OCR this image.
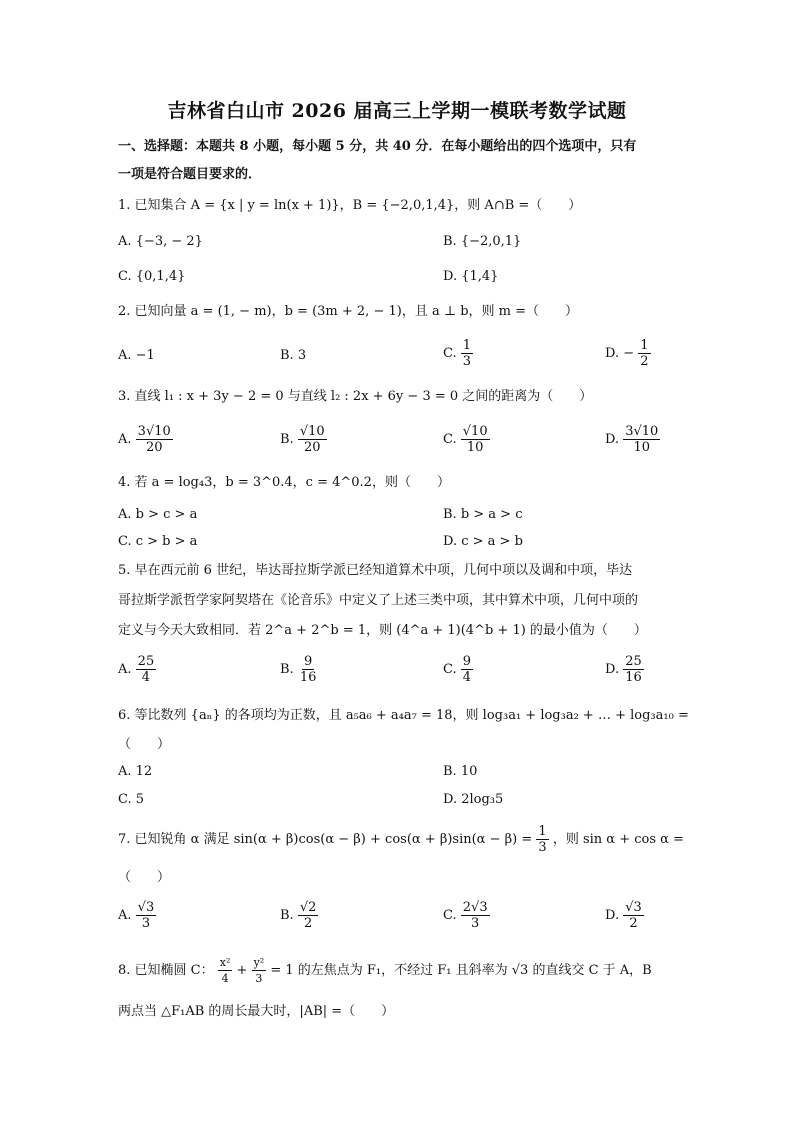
吉林省白山市 2026 届高三上学期一模联考数学试题
一、选择题：本题共 8 小题，每小题 5 分，共 40 分．在每小题给出的四个选项中，只有
一项是符合题目要求的．
1. 已知集合 A = {x | y = ln(x + 1)}，B = {−2,0,1,4}，则 A∩B =（　　）
A. {−3, − 2}	B. {−2,0,1}
C. {0,1,4}	D. {1,4}
2. 已知向量 a = (1, − m)，b = (3m + 2, − 1)，且 a ⊥ b，则 m =（　　）
A. −1	B. 3	C. $\frac{1}{3}$	D. − $\frac{1}{2}$
3. 直线 l₁ : x + 3y − 2 = 0 与直线 l₂ : 2x + 6y − 3 = 0 之间的距离为（　　）
A. $\frac{3√10}{20}$	B. $\frac{√10}{20}$	C. $\frac{√10}{10}$	D. $\frac{3√10}{10}$
4. 若 a = log₄3，b = 3^0.4，c = 4^0.2，则（　　）
A. b > c > a	B. b > a > c
C. c > b > a	D. c > a > b
5. 早在西元前 6 世纪，毕达哥拉斯学派已经知道算术中项，几何中项以及调和中项，毕达
哥拉斯学派哲学家阿契塔在《论音乐》中定义了上述三类中项，其中算术中项，几何中项的
定义与今天大致相同．若 2^a + 2^b = 1，则 (4^a + 1)(4^b + 1) 的最小值为（　　）
A. $\frac{25}{4}$	B. $\frac{9}{16}$	C. $\frac{9}{4}$	D. $\frac{25}{16}$
6. 等比数列 {aₙ} 的各项均为正数，且 a₅a₆ + a₄a₇ = 18，则 log₃a₁ + log₃a₂ + … + log₃a₁₀ =
（　　）
A. 12	B. 10
C. 5	D. 2log₃5
7. 已知锐角 α 满足 $\sin(\alpha + \beta)\cos(\alpha - \beta) + \cos(\alpha + \beta)\sin(\alpha - \beta) = \frac{1}{3}$ ，则 sin α + cos α =
（　　）
A. $\frac{√3}{3}$	B. $\frac{√2}{2}$	C. $\frac{2√3}{3}$	D. $\frac{√3}{2}$
8. 已知椭圆 C： $\frac{\text{x²}}{4} + \frac{\text{y²}}{3} = 1$ 的左焦点为 F₁，不经过 F₁ 且斜率为 √3 的直线交 C 于 A，B
两点当 △F₁AB 的周长最大时，|AB| =（　　）
